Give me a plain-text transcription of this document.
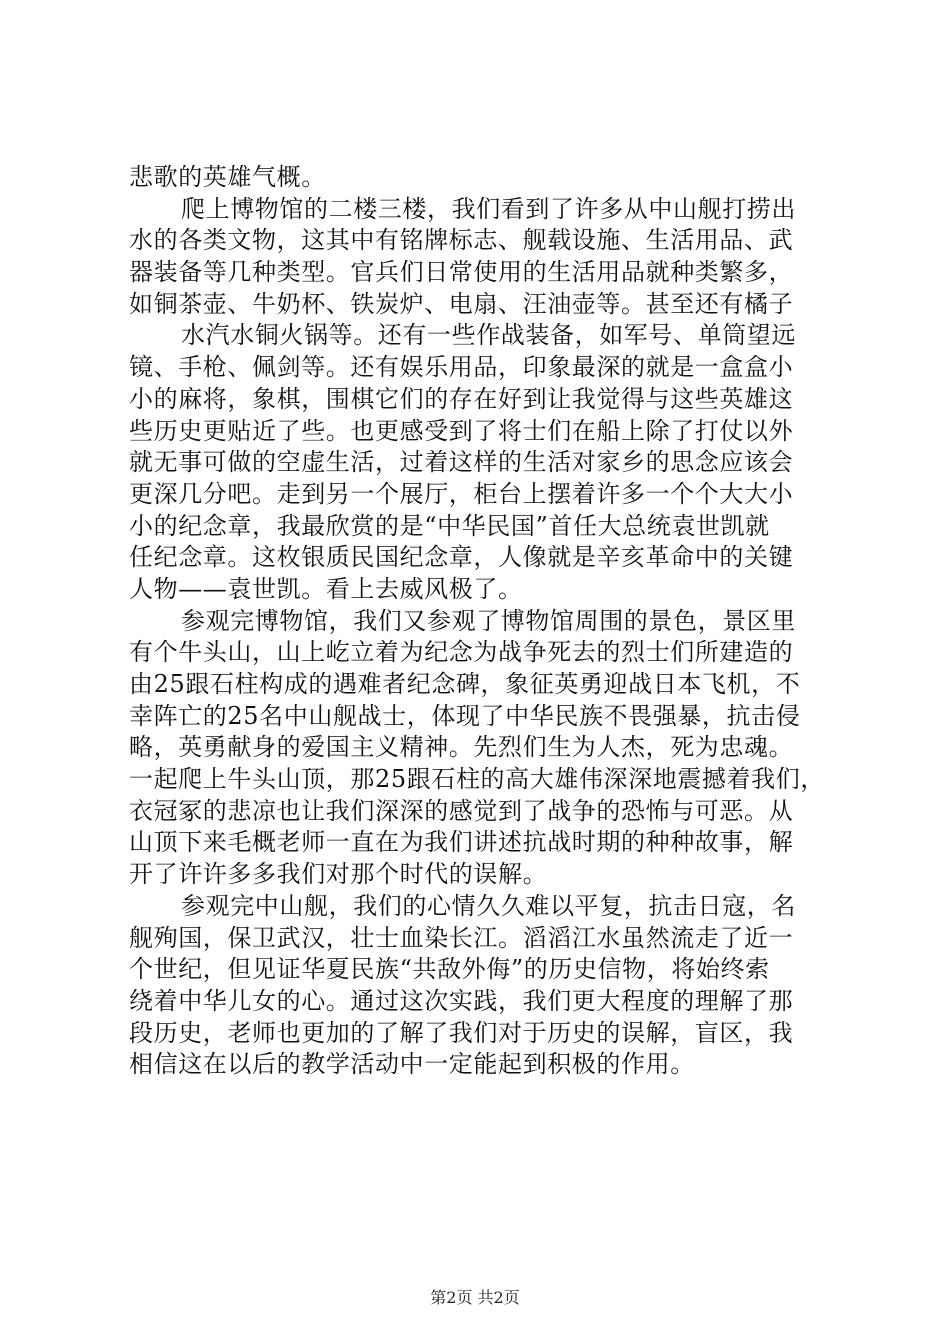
悲歌的英雄气概。
爬上博物馆的二楼三楼，我们看到了许多从中山舰打捞出
水的各类文物，这其中有铭牌标志、舰载设施、生活用品、武
器装备等几种类型。官兵们日常使用的生活用品就种类繁多，
如铜茶壶、牛奶杯、铁炭炉、电扇、汪油壶等。甚至还有橘子
水汽水铜火锅等。还有一些作战装备，如军号、单筒望远
镜、手枪、佩剑等。还有娱乐用品，印象最深的就是一盒盒小
小的麻将，象棋，围棋它们的存在好到让我觉得与这些英雄这
些历史更贴近了些。也更感受到了将士们在船上除了打仗以外
就无事可做的空虚生活，过着这样的生活对家乡的思念应该会
更深几分吧。走到另一个展厅，柜台上摆着许多一个个大大小
小的纪念章，我最欣赏的是“中华民国”首任大总统袁世凯就
任纪念章。这枚银质民国纪念章，人像就是辛亥革命中的关键
人物——袁世凯。看上去威风极了。
参观完博物馆，我们又参观了博物馆周围的景色，景区里
有个牛头山，山上屹立着为纪念为战争死去的烈士们所建造的
由25跟石柱构成的遇难者纪念碑，象征英勇迎战日本飞机，不
幸阵亡的25名中山舰战士，体现了中华民族不畏强暴，抗击侵
略，英勇献身的爱国主义精神。先烈们生为人杰，死为忠魂。
一起爬上牛头山顶，那25跟石柱的高大雄伟深深地震撼着我们，
衣冠冢的悲凉也让我们深深的感觉到了战争的恐怖与可恶。从
山顶下来毛概老师一直在为我们讲述抗战时期的种种故事，解
开了许许多多我们对那个时代的误解。
参观完中山舰，我们的心情久久难以平复，抗击日寇，名
舰殉国，保卫武汉，壮士血染长江。滔滔江水虽然流走了近一
个世纪，但见证华夏民族“共敌外侮”的历史信物，将始终索
绕着中华儿女的心。通过这次实践，我们更大程度的理解了那
段历史，老师也更加的了解了我们对于历史的误解，盲区，我
相信这在以后的教学活动中一定能起到积极的作用。
第2页 共2页
